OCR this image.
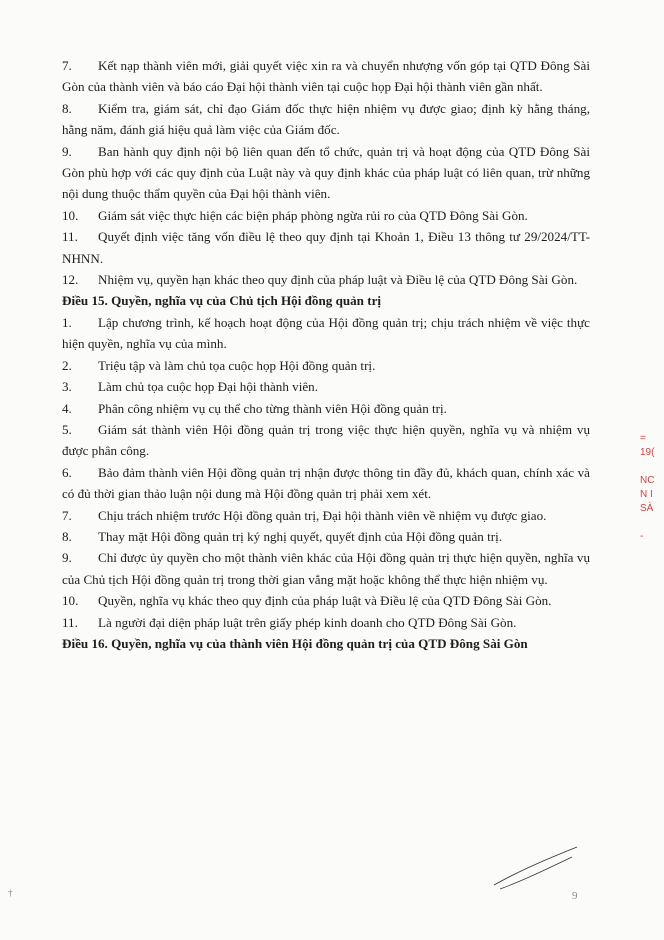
7. Kết nạp thành viên mới, giải quyết việc xin ra và chuyển nhượng vốn góp tại QTD Đông Sài Gòn của thành viên và báo cáo Đại hội thành viên tại cuộc họp Đại hội thành viên gần nhất.

8. Kiểm tra, giám sát, chỉ đạo Giám đốc thực hiện nhiệm vụ được giao; định kỳ hằng tháng, hằng năm, đánh giá hiệu quả làm việc của Giám đốc.

9. Ban hành quy định nội bộ liên quan đến tổ chức, quản trị và hoạt động của QTD Đông Sài Gòn phù hợp với các quy định của Luật này và quy định khác của pháp luật có liên quan, trừ những nội dung thuộc thẩm quyền của Đại hội thành viên.

10. Giám sát việc thực hiện các biện pháp phòng ngừa rủi ro của QTD Đông Sài Gòn.

11. Quyết định việc tăng vốn điều lệ theo quy định tại Khoản 1, Điều 13 thông tư 29/2024/TT-NHNN.

12. Nhiệm vụ, quyền hạn khác theo quy định của pháp luật và Điều lệ của QTD Đông Sài Gòn.

Điều 15. Quyền, nghĩa vụ của Chủ tịch Hội đồng quản trị

1. Lập chương trình, kế hoạch hoạt động của Hội đồng quản trị; chịu trách nhiệm về việc thực hiện quyền, nghĩa vụ của mình.

2. Triệu tập và làm chủ tọa cuộc họp Hội đồng quản trị.

3. Làm chủ tọa cuộc họp Đại hội thành viên.

4. Phân công nhiệm vụ cụ thể cho từng thành viên Hội đồng quản trị.

5. Giám sát thành viên Hội đồng quản trị trong việc thực hiện quyền, nghĩa vụ và nhiệm vụ được phân công.

6. Bảo đảm thành viên Hội đồng quản trị nhận được thông tin đầy đủ, khách quan, chính xác và có đủ thời gian thảo luận nội dung mà Hội đồng quản trị phải xem xét.

7. Chịu trách nhiệm trước Hội đồng quản trị, Đại hội thành viên về nhiệm vụ được giao.

8. Thay mặt Hội đồng quản trị ký nghị quyết, quyết định của Hội đồng quản trị.

9. Chỉ được ủy quyền cho một thành viên khác của Hội đồng quản trị thực hiện quyền, nghĩa vụ của Chủ tịch Hội đồng quản trị trong thời gian vắng mặt hoặc không thể thực hiện nhiệm vụ.

10. Quyền, nghĩa vụ khác theo quy định của pháp luật và Điều lệ của QTD Đông Sài Gòn.

11. Là người đại diện pháp luật trên giấy phép kinh doanh cho QTD Đông Sài Gòn.

Điều 16. Quyền, nghĩa vụ của thành viên Hội đồng quản trị của QTD Đông Sài Gòn

=
19(

NC
N I
SÀ

-
9
†
